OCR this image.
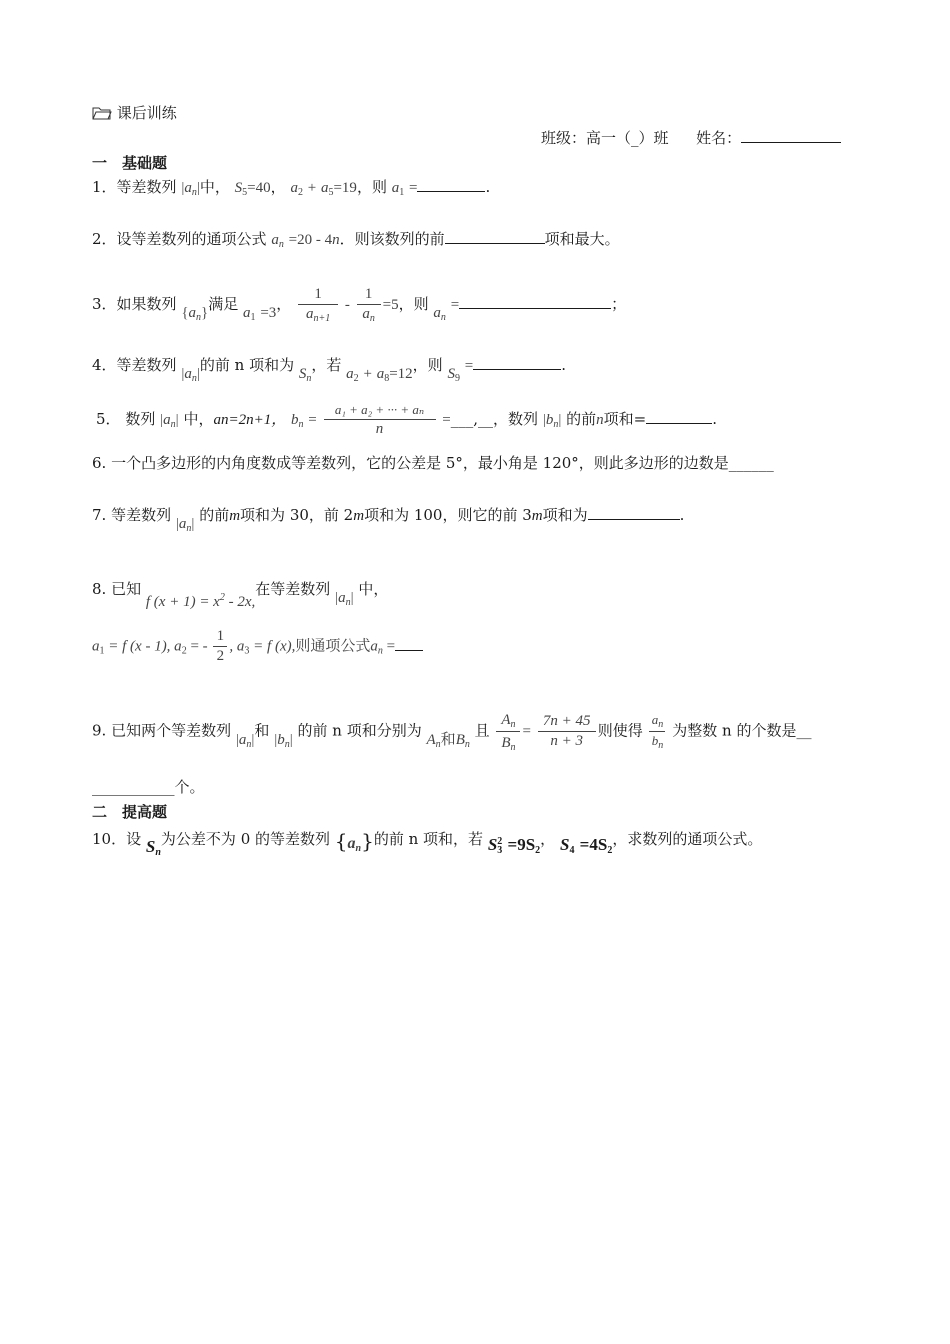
课后训练
班级：高一（_）班 姓名：
一　基础题
1．等差数列 $|a_n|$中， $S_5=40$， $a_2 + a_5=19$，则 $a_1$ =	.
2．设等差数列的通项公式 $a_n =20 - 4n$．则该数列的前	项和最大。
3．如果数列 $\{a_n\}$满足 $a_1 =3$， $\frac{1}{a_{n+1}} - \frac{1}{a_n} =5$，则 $a_n$ =	；
4．等差数列 $|a_n|$的前 n 项和为 $S_n$，若 $a_2 + a_8=12$，则 $S_9$ =	.
5． 数列 $|a_n|$ 中，an=2n+1， $b_n = \frac{\text{a₁ + a₂ + ··· + aₙ}}{n}$ =___,__，数列 $|b_n|$ 的前n项和=	.
6. 一个凸多边形的内角度数成等差数列，它的公差是 5°，最小角是 120°，则此多边形的边数是______
7. 等差数列 $|a_n|$ 的前m项和为 30，前 2m项和为 100，则它的前 3m项和为	.
8. 已知 f $(x + 1) = x^2 - 2x$,在等差数列 $|a_n|$ 中，
$a_1 = f$ (x - 1), $a_2$ = - $\frac{1}{2}$ , $a_3 = f$ (x),则通项公式$a_n$ =
9. 已知两个等差数列 $|a_n|$和 $|b_n|$ 的前 n 项和分别为 $A_n$和$B_n$ 且 $\frac{A_n}{B_n} = \frac{7n + 45}{n + 3}$ 则使得 $\frac{a_n}{b_n}$ 为整数 n 的个数是__
___________个。
二　提高题
10．设 $S_n$为公差不为 0 的等差数列 $\{a_n\}$的前 n 项和，若 $S_3^2 =9S_2$， $S_4 =4S_2$，求数列的通项公式。
